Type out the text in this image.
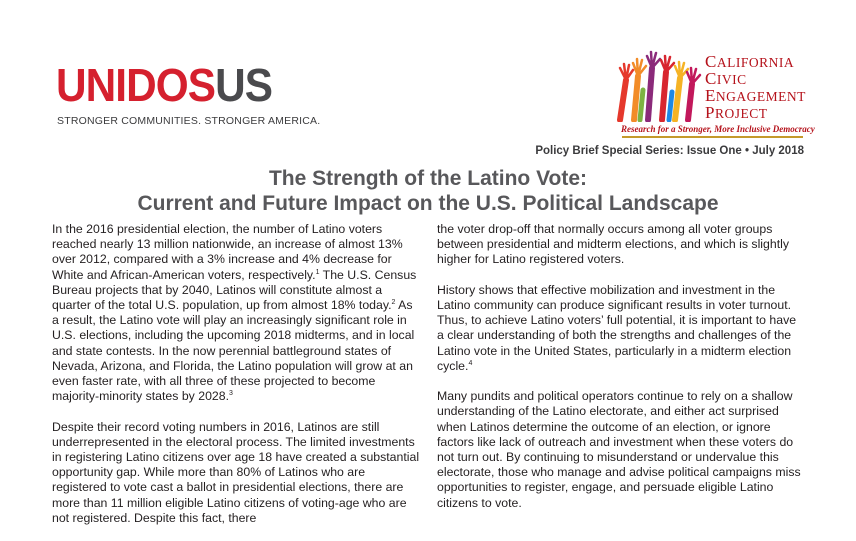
UNIDOSUS
STRONGER COMMUNITIES. STRONGER AMERICA.
CALIFORNIA
CIVIC
ENGAGEMENT
PROJECT
Research for a Stronger, More Inclusive Democracy
Policy Brief Special Series: Issue One • July 2018
The Strength of the Latino Vote:
Current and Future Impact on the U.S. Political Landscape

In the 2016 presidential election, the number of Latino voters reached nearly 13 million nationwide, an increase of almost 13% over 2012, compared with a 3% increase and 4% decrease for White and African-American voters, respectively.$^1$ The U.S. Census Bureau projects that by 2040, Latinos will constitute almost a quarter of the total U.S. population, up from almost 18% today.$^2$ As a result, the Latino vote will play an increasingly significant role in U.S. elections, including the upcoming 2018 midterms, and in local and state contests. In the now perennial battleground states of Nevada, Arizona, and Florida, the Latino population will grow at an even faster rate, with all three of these projected to become majority-minority states by 2028.$^3$

Despite their record voting numbers in 2016, Latinos are still underrepresented in the electoral process. The limited investments in registering Latino citizens over age 18 have created a substantial opportunity gap. While more than 80% of Latinos who are registered to vote cast a ballot in presidential elections, there are more than 11 million eligible Latino citizens of voting-age who are not registered. Despite this fact, there

the voter drop-off that normally occurs among all voter groups between presidential and midterm elections, and which is slightly higher for Latino registered voters.

History shows that effective mobilization and investment in the Latino community can produce significant results in voter turnout. Thus, to achieve Latino voters’ full potential, it is important to have a clear understanding of both the strengths and challenges of the Latino vote in the United States, particularly in a midterm election cycle.$^4$

Many pundits and political operators continue to rely on a shallow understanding of the Latino electorate, and either act surprised when Latinos determine the outcome of an election, or ignore factors like lack of outreach and investment when these voters do not turn out. By continuing to misunderstand or undervalue this electorate, those who manage and advise political campaigns miss opportunities to register, engage, and persuade eligible Latino citizens to vote.
